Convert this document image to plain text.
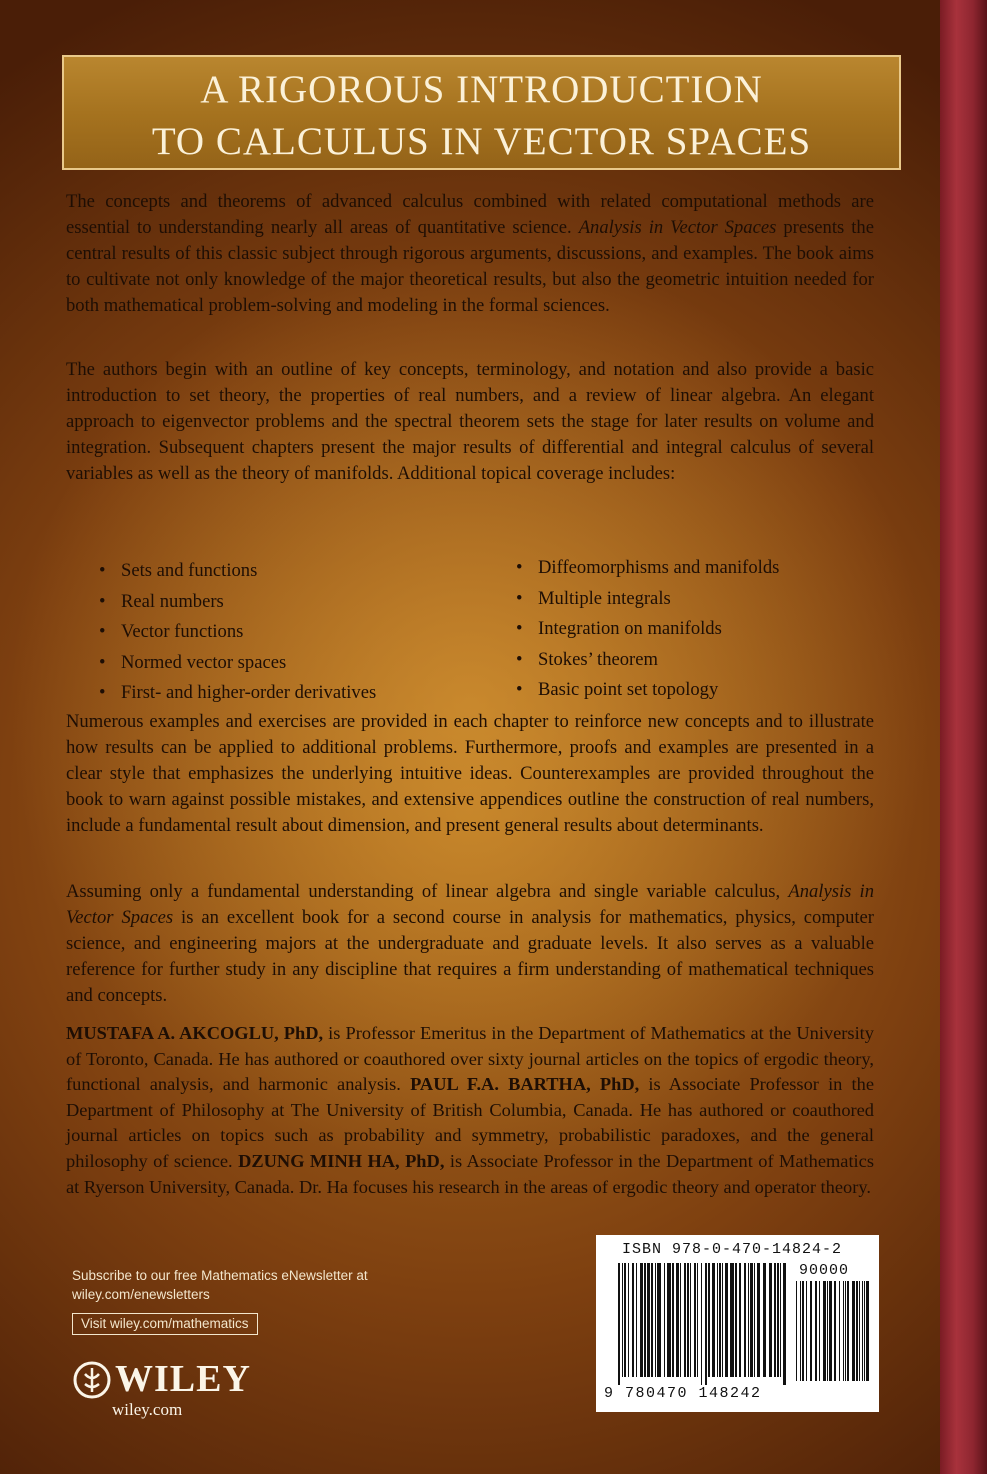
A RIGOROUS INTRODUCTION
TO CALCULUS IN VECTOR SPACES

The concepts and theorems of advanced calculus combined with related computational methods are essential to understanding nearly all areas of quantitative science. Analysis in Vector Spaces presents the central results of this classic subject through rigorous arguments, discussions, and examples. The book aims to cultivate not only knowledge of the major theoretical results, but also the geometric intuition needed for both mathematical problem-solving and modeling in the formal sciences.

The authors begin with an outline of key concepts, terminology, and notation and also provide a basic introduction to set theory, the properties of real numbers, and a review of linear algebra. An elegant approach to eigenvector problems and the spectral theorem sets the stage for later results on volume and integration. Subsequent chapters present the major results of differential and integral calculus of several variables as well as the theory of manifolds. Additional topical coverage includes:

• Sets and functions
• Real numbers
• Vector functions
• Normed vector spaces
• First- and higher-order derivatives
• Diffeomorphisms and manifolds
• Multiple integrals
• Integration on manifolds
• Stokes’ theorem
• Basic point set topology

Numerous examples and exercises are provided in each chapter to reinforce new concepts and to illustrate how results can be applied to additional problems. Furthermore, proofs and examples are presented in a clear style that emphasizes the underlying intuitive ideas. Counterexamples are provided throughout the book to warn against possible mistakes, and extensive appendices outline the construction of real numbers, include a fundamental result about dimension, and present general results about determinants.

Assuming only a fundamental understanding of linear algebra and single variable calculus, Analysis in Vector Spaces is an excellent book for a second course in analysis for mathematics, physics, computer science, and engineering majors at the undergraduate and graduate levels. It also serves as a valuable reference for further study in any discipline that requires a firm understanding of mathematical techniques and concepts.

MUSTAFA A. AKCOGLU, PhD, is Professor Emeritus in the Department of Mathematics at the University of Toronto, Canada. He has authored or coauthored over sixty journal articles on the topics of ergodic theory, functional analysis, and harmonic analysis. PAUL F.A. BARTHA, PhD, is Associate Professor in the Department of Philosophy at The University of British Columbia, Canada. He has authored or coauthored journal articles on topics such as probability and symmetry, probabilistic paradoxes, and the general philosophy of science. DZUNG MINH HA, PhD, is Associate Professor in the Department of Mathematics at Ryerson University, Canada. Dr. Ha focuses his research in the areas of ergodic theory and operator theory.

Subscribe to our free Mathematics eNewsletter at
wiley.com/enewsletters
Visit wiley.com/mathematics
WILEY
wiley.com
ISBN 978-0-470-14824-2
90000
9 780470 148242
